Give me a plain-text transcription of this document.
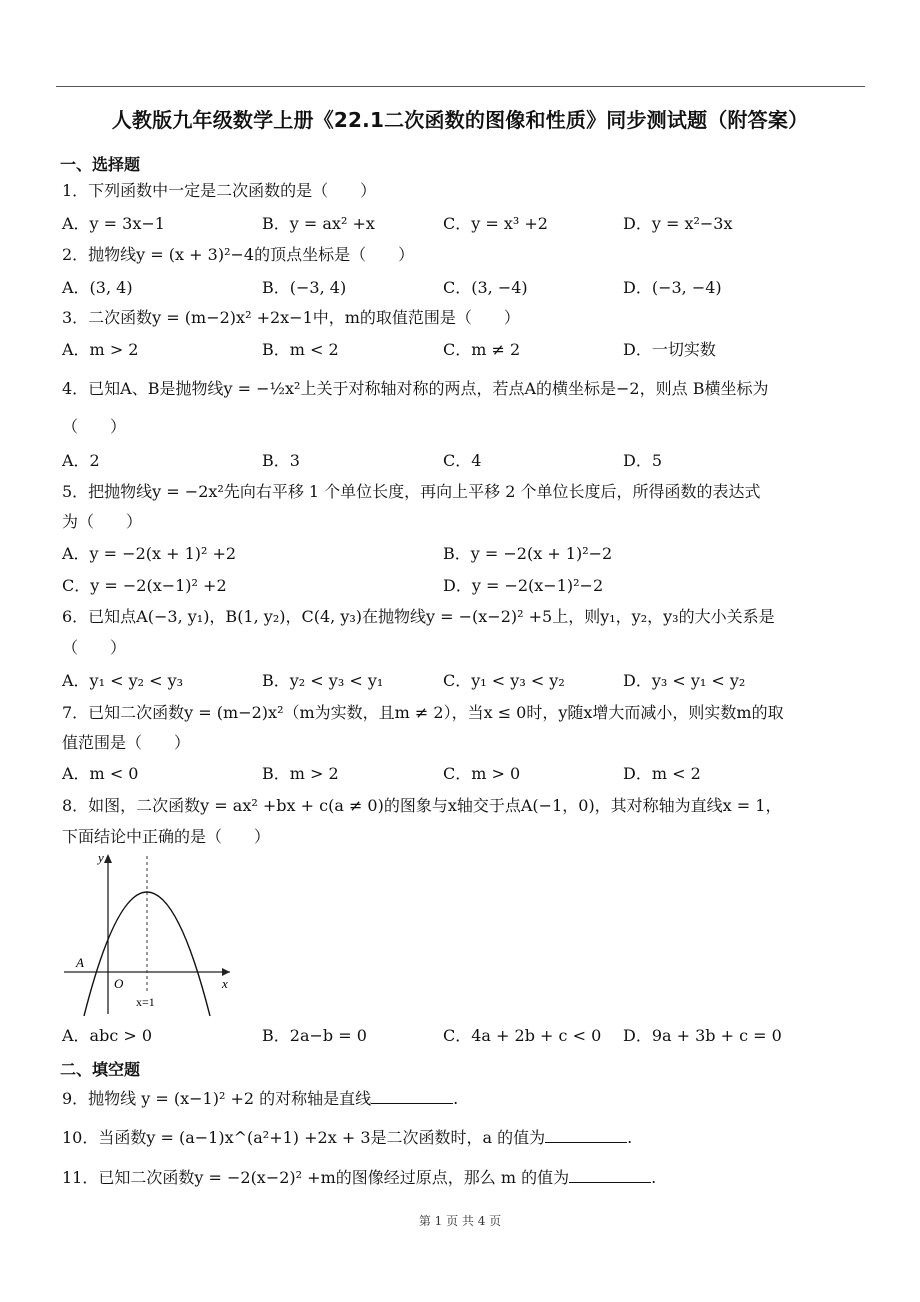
人教版九年级数学上册《22.1二次函数的图像和性质》同步测试题（附答案）
一、选择题
1．下列函数中一定是二次函数的是（　　）
A．y = 3x−1	B．y = ax² +x	C．y = x³ +2	D．y = x²−3x
2．抛物线y = (x + 3)²−4的顶点坐标是（　　）
A．(3, 4)	B．(−3, 4)	C．(3, −4)	D．(−3, −4)
3．二次函数y = (m−2)x² +2x−1中，m的取值范围是（　　）
A．m > 2	B．m < 2	C．m ≠ 2	D．一切实数
4．已知A、B是抛物线y = −½x²上关于对称轴对称的两点，若点A的横坐标是−2，则点 B横坐标为
（　　）
A．2	B．3	C．4	D．5
5．把抛物线y = −2x²先向右平移 1 个单位长度，再向上平移 2 个单位长度后，所得函数的表达式
为（　　）
A．y = −2(x + 1)² +2	B．y = −2(x + 1)²−2
C．y = −2(x−1)² +2	D．y = −2(x−1)²−2
6．已知点A(−3, y₁)，B(1, y₂)，C(4, y₃)在抛物线y = −(x−2)² +5上，则y₁，y₂，y₃的大小关系是
（　　）
A．y₁ < y₂ < y₃	B．y₂ < y₃ < y₁	C．y₁ < y₃ < y₂	D．y₃ < y₁ < y₂
7．已知二次函数y = (m−2)x²（m为实数，且m ≠ 2），当x ≤ 0时，y随x增大而减小，则实数m的取
值范围是（　　）
A．m < 0	B．m > 2	C．m > 0	D．m < 2
8．如图，二次函数y = ax² +bx + c(a ≠ 0)的图象与x轴交于点A(−1，0)，其对称轴为直线x = 1，
下面结论中正确的是（　　）
y
x
A
O
x=1
A．abc > 0	B．2a−b = 0	C．4a + 2b + c < 0 D．9a + 3b + c = 0
二、填空题
9．抛物线 y = (x−1)² +2 的对称轴是直线	.
10．当函数y = (a−1)x^(a²+1) +2x + 3是二次函数时，a 的值为	.
11．已知二次函数y = −2(x−2)² +m的图像经过原点，那么 m 的值为	.
第 1 页 共 4 页
